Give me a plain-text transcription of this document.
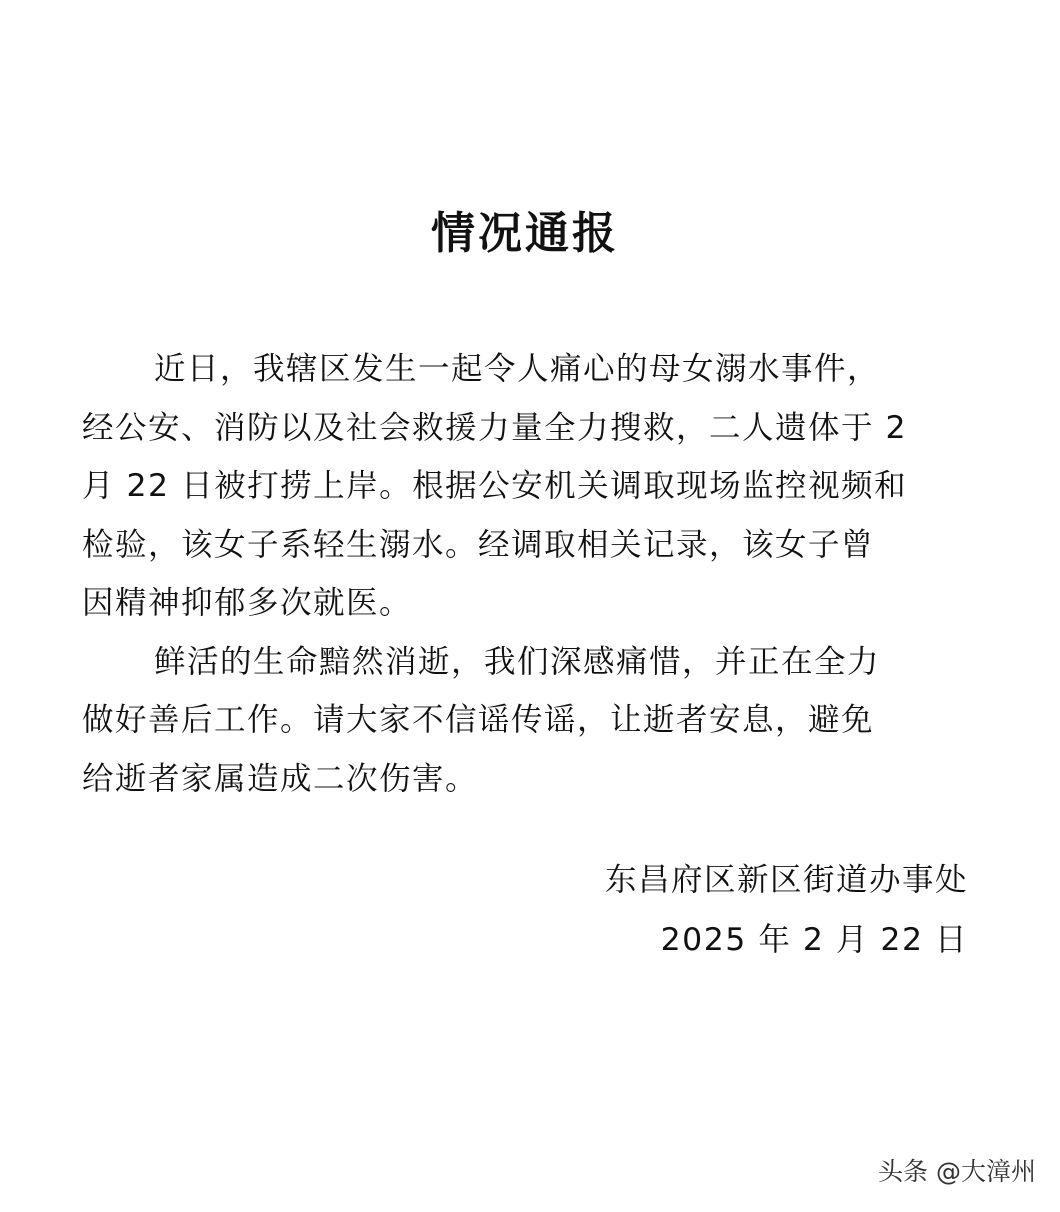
情况通报
近日，我辖区发生一起令人痛心的母女溺水事件，
经公安、消防以及社会救援力量全力搜救，二人遗体于 2
月 22 日被打捞上岸。根据公安机关调取现场监控视频和
检验，该女子系轻生溺水。经调取相关记录，该女子曾
因精神抑郁多次就医。
鲜活的生命黯然消逝，我们深感痛惜，并正在全力
做好善后工作。请大家不信谣传谣，让逝者安息，避免
给逝者家属造成二次伤害。
东昌府区新区街道办事处
2025 年 2 月 22 日
头条 @大漳州
